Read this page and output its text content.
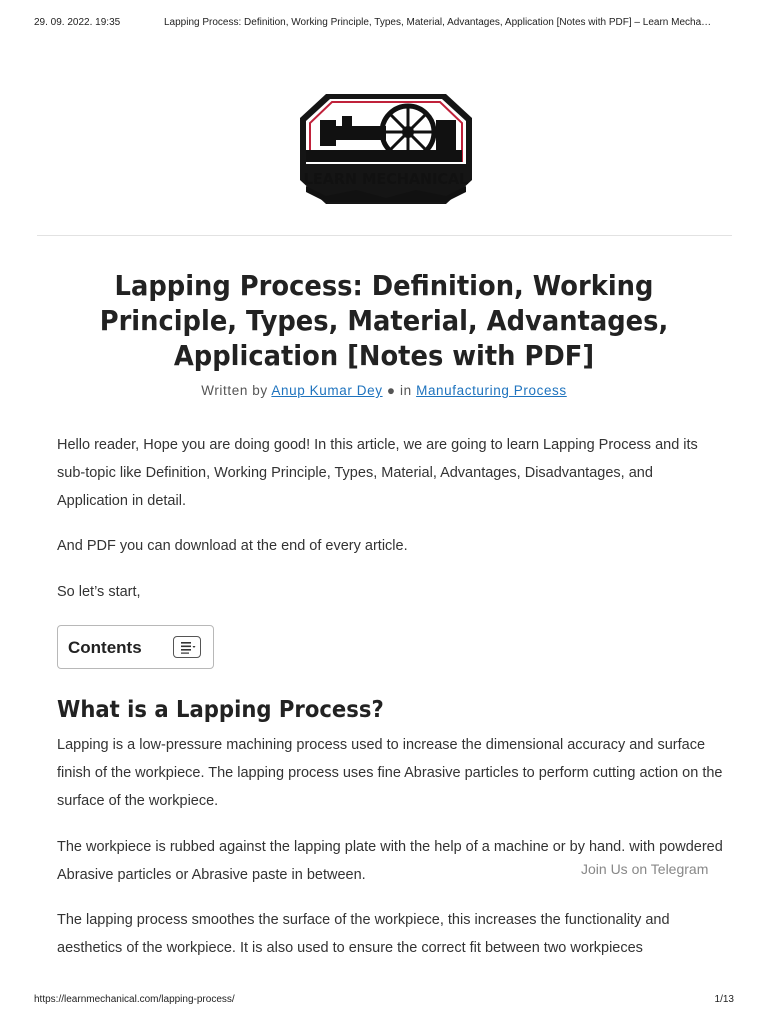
29. 09. 2022. 19:35	Lapping Process: Definition, Working Principle, Types, Material, Advantages, Application [Notes with PDF] – Learn Mecha…
LEARN MECHANICAL
Lapping Process: Definition, Working Principle, Types, Material, Advantages, Application [Notes with PDF]
Written by Anup Kumar Dey ● in Manufacturing Process

Hello reader, Hope you are doing good! In this article, we are going to learn Lapping Process and its sub-topic like Definition, Working Principle, Types, Material, Advantages, Disadvantages, and Application in detail.

And PDF you can download at the end of every article.

So let’s start,

Contents
What is a Lapping Process?

Lapping is a low-pressure machining process used to increase the dimensional accuracy and surface finish of the workpiece. The lapping process uses fine Abrasive particles to perform cutting action on the surface of the workpiece.

The workpiece is rubbed against the lapping plate with the help of a machine or by hand. with powdered Abrasive particles or Abrasive paste in between.	Join Us on Telegram

The lapping process smoothes the surface of the workpiece, this increases the functionality and aesthetics of the workpiece. It is also used to ensure the correct fit between two workpieces

https://learnmechanical.com/lapping-process/	1/13
